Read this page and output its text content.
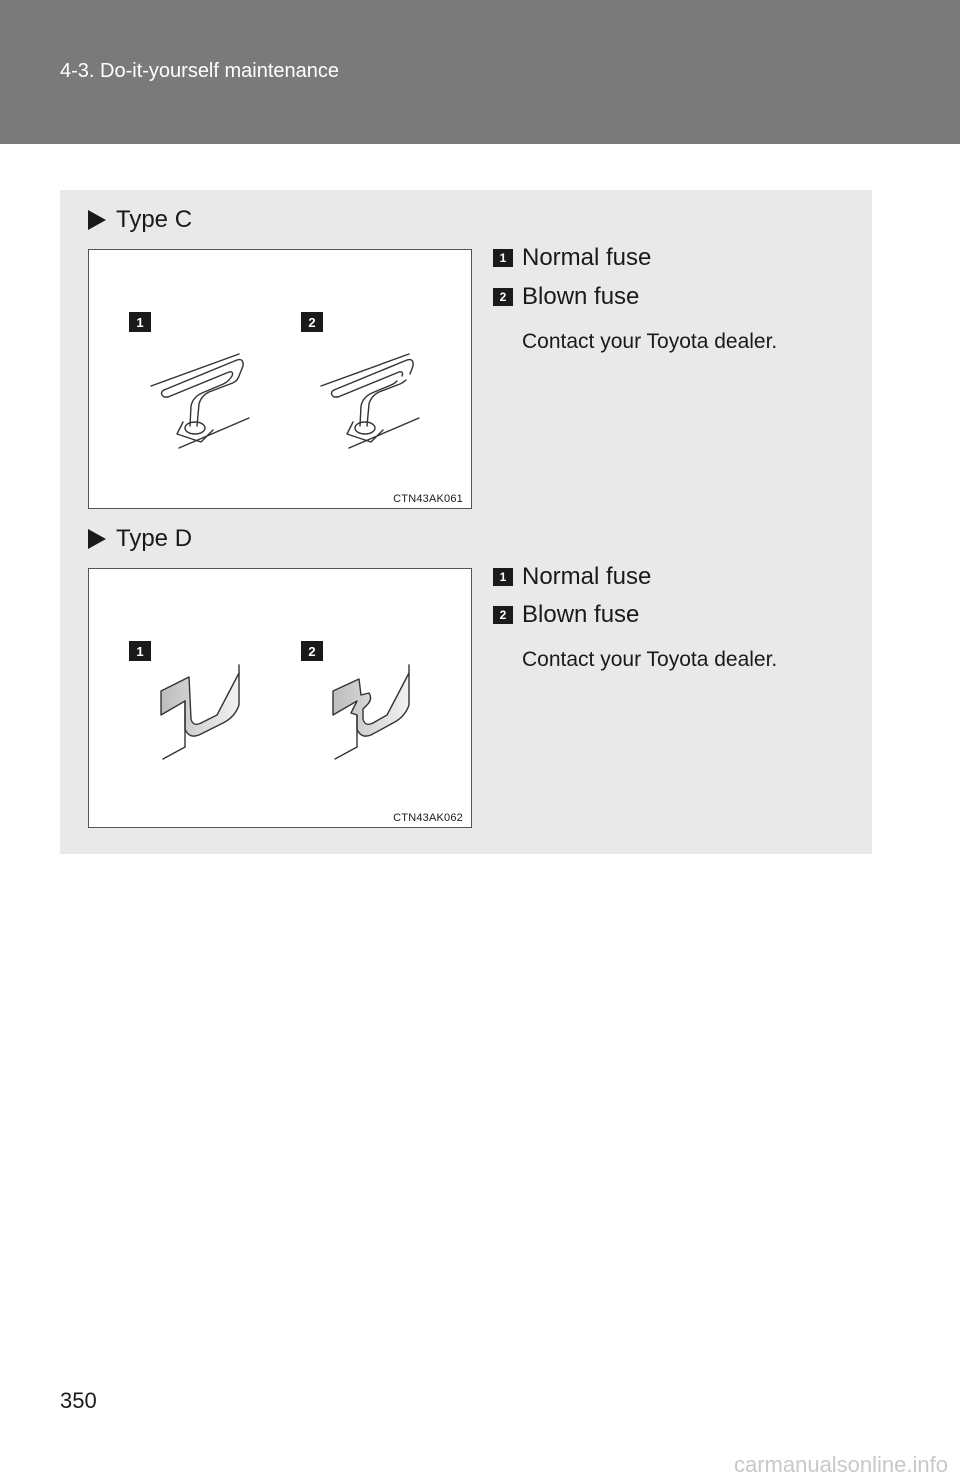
4-3. Do-it-yourself maintenance
Type C
1	2
CTN43AK061
1 Normal fuse
2 Blown fuse
Contact your Toyota dealer.
Type D
1	2
CTN43AK062
1 Normal fuse
2 Blown fuse
Contact your Toyota dealer.
350
carmanualsonline.info
